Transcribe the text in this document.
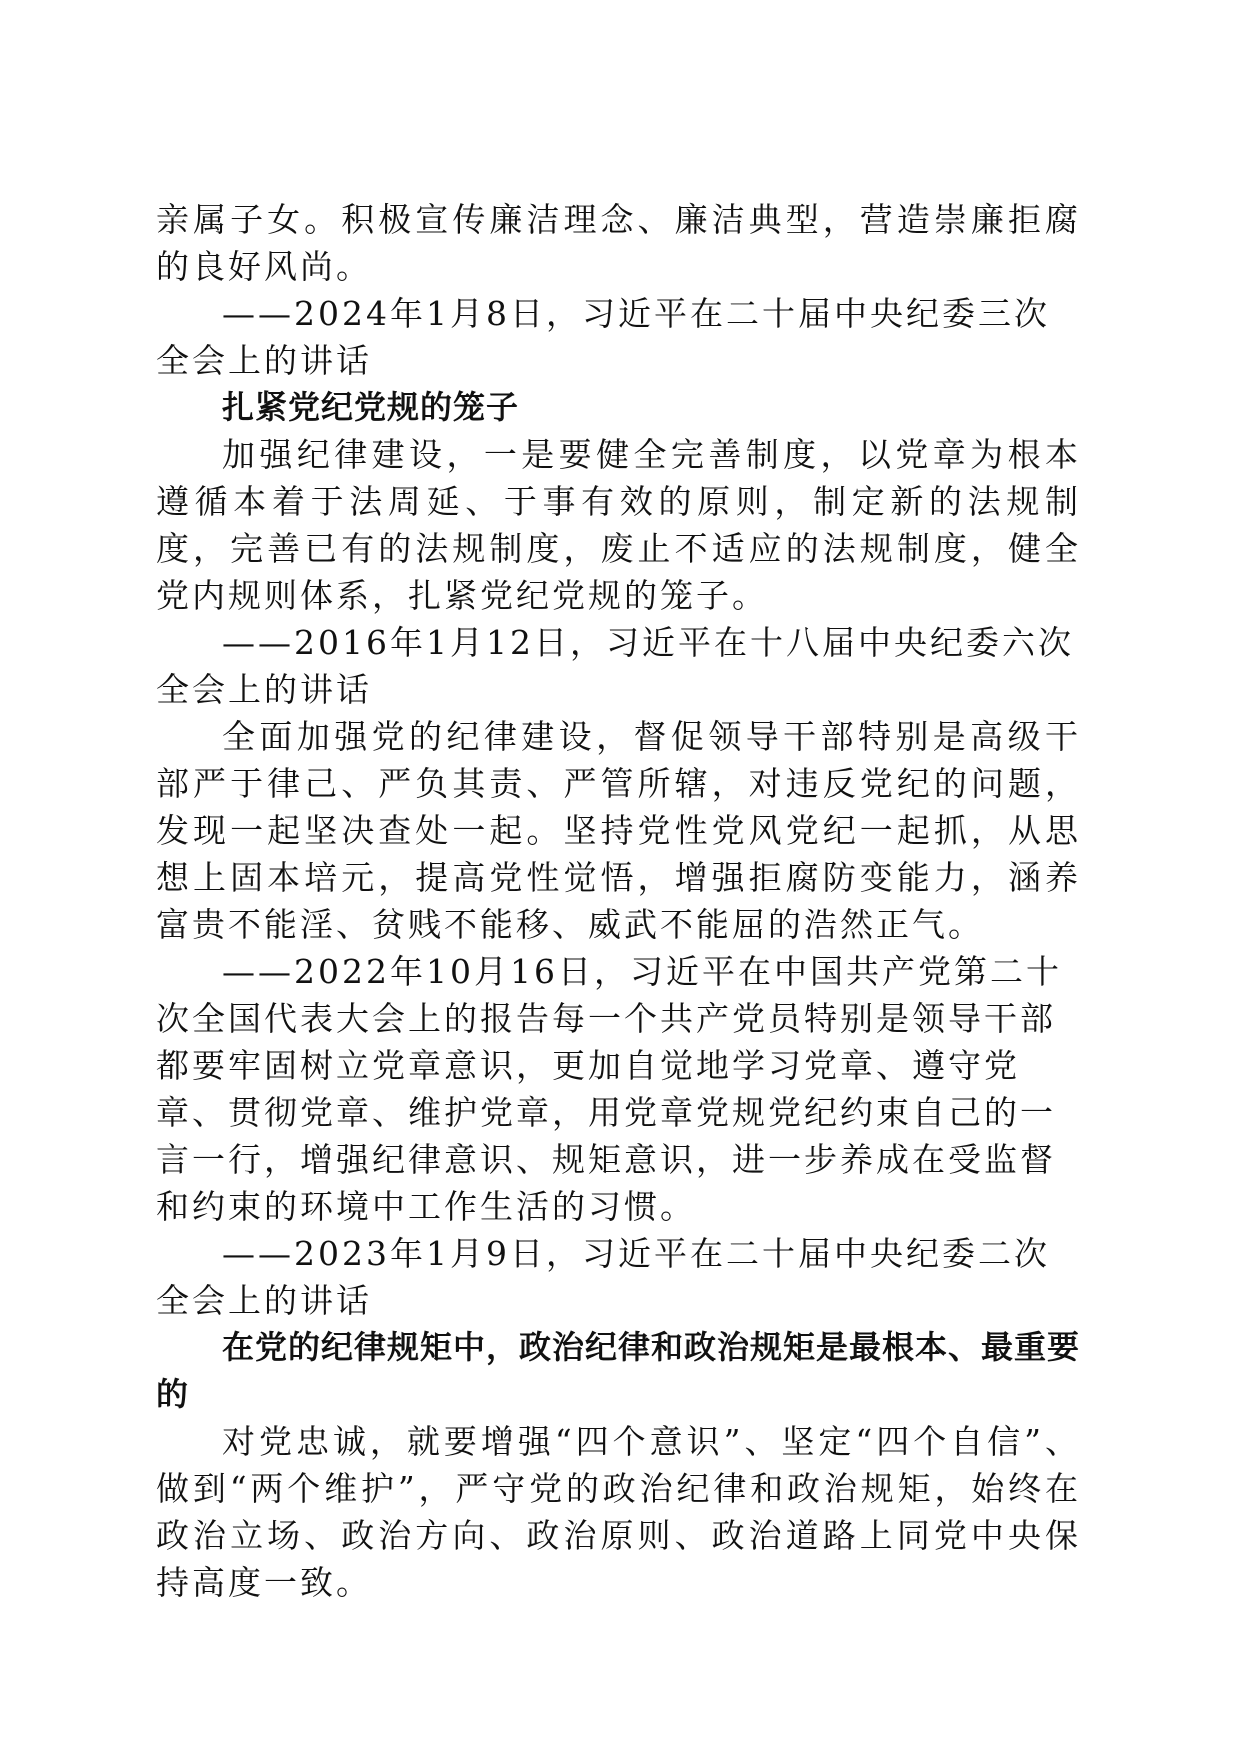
亲属子女。积极宣传廉洁理念、廉洁典型，营造崇廉拒腐的良好风尚。

——2024年1月8日，习近平在二十届中央纪委三次全会上的讲话

扎紧党纪党规的笼子

加强纪律建设，一是要健全完善制度，以党章为根本遵循本着于法周延、于事有效的原则，制定新的法规制度，完善已有的法规制度，废止不适应的法规制度，健全党内规则体系，扎紧党纪党规的笼子。

——2016年1月12日，习近平在十八届中央纪委六次全会上的讲话

全面加强党的纪律建设，督促领导干部特别是高级干部严于律己、严负其责、严管所辖，对违反党纪的问题，发现一起坚决查处一起。坚持党性党风党纪一起抓，从思想上固本培元，提高党性觉悟，增强拒腐防变能力，涵养富贵不能淫、贫贱不能移、威武不能屈的浩然正气。

——2022年10月16日，习近平在中国共产党第二十次全国代表大会上的报告每一个共产党员特别是领导干部都要牢固树立党章意识，更加自觉地学习党章、遵守党章、贯彻党章、维护党章，用党章党规党纪约束自己的一言一行，增强纪律意识、规矩意识，进一步养成在受监督和约束的环境中工作生活的习惯。

——2023年1月9日，习近平在二十届中央纪委二次全会上的讲话

在党的纪律规矩中，政治纪律和政治规矩是最根本、最重要的

对党忠诚，就要增强“四个意识”、坚定“四个自信”、做到“两个维护”，严守党的政治纪律和政治规矩，始终在政治立场、政治方向、政治原则、政治道路上同党中央保持高度一致。
